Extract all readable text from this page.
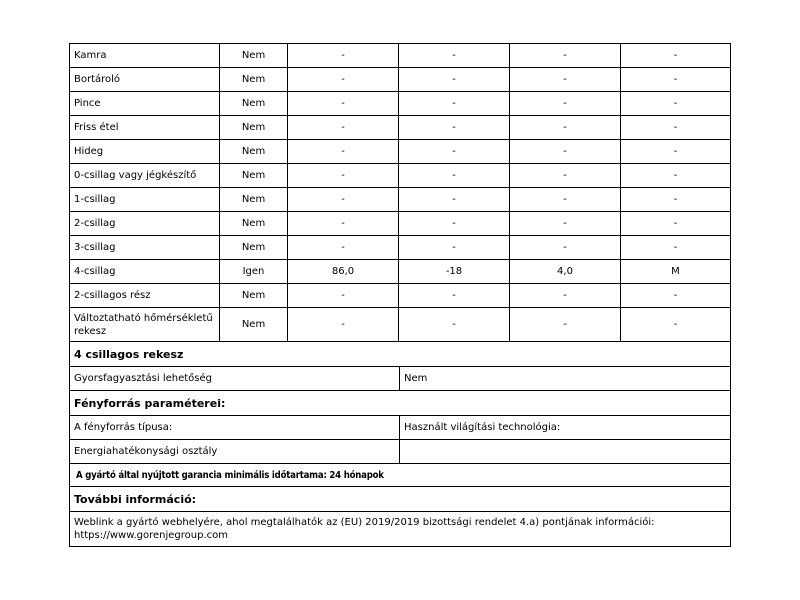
Kamra	Nem	-	-	-	-
Bortároló	Nem	-	-	-	-
Pince	Nem	-	-	-	-
Friss étel	Nem	-	-	-	-
Hideg	Nem	-	-	-	-
0-csillag vagy jégkészítő	Nem	-	-	-	-
1-csillag	Nem	-	-	-	-
2-csillag	Nem	-	-	-	-
3-csillag	Nem	-	-	-	-
4-csillag	Igen	86,0	-18	4,0	M
2-csillagos rész	Nem	-	-	-	-
Változtatható hőmérsékletű rekesz	Nem	-	-	-	-
4 csillagos rekesz	
Gyorsfagyasztási lehetőség	Nem
Fényforrás paraméterei:	
A fényforrás típusa:	Használt világítási technológia:
Energiahatékonysági osztály	
A gyártó által nyújtott garancia minimális időtartama: 24 hónapok	
További információ:	

Weblink a gyártó webhelyére, ahol megtalálhatók az (EU) 2019/2019 bizottsági rendelet 4.a) pontjának információi:
https://www.gorenjegroup.com	
